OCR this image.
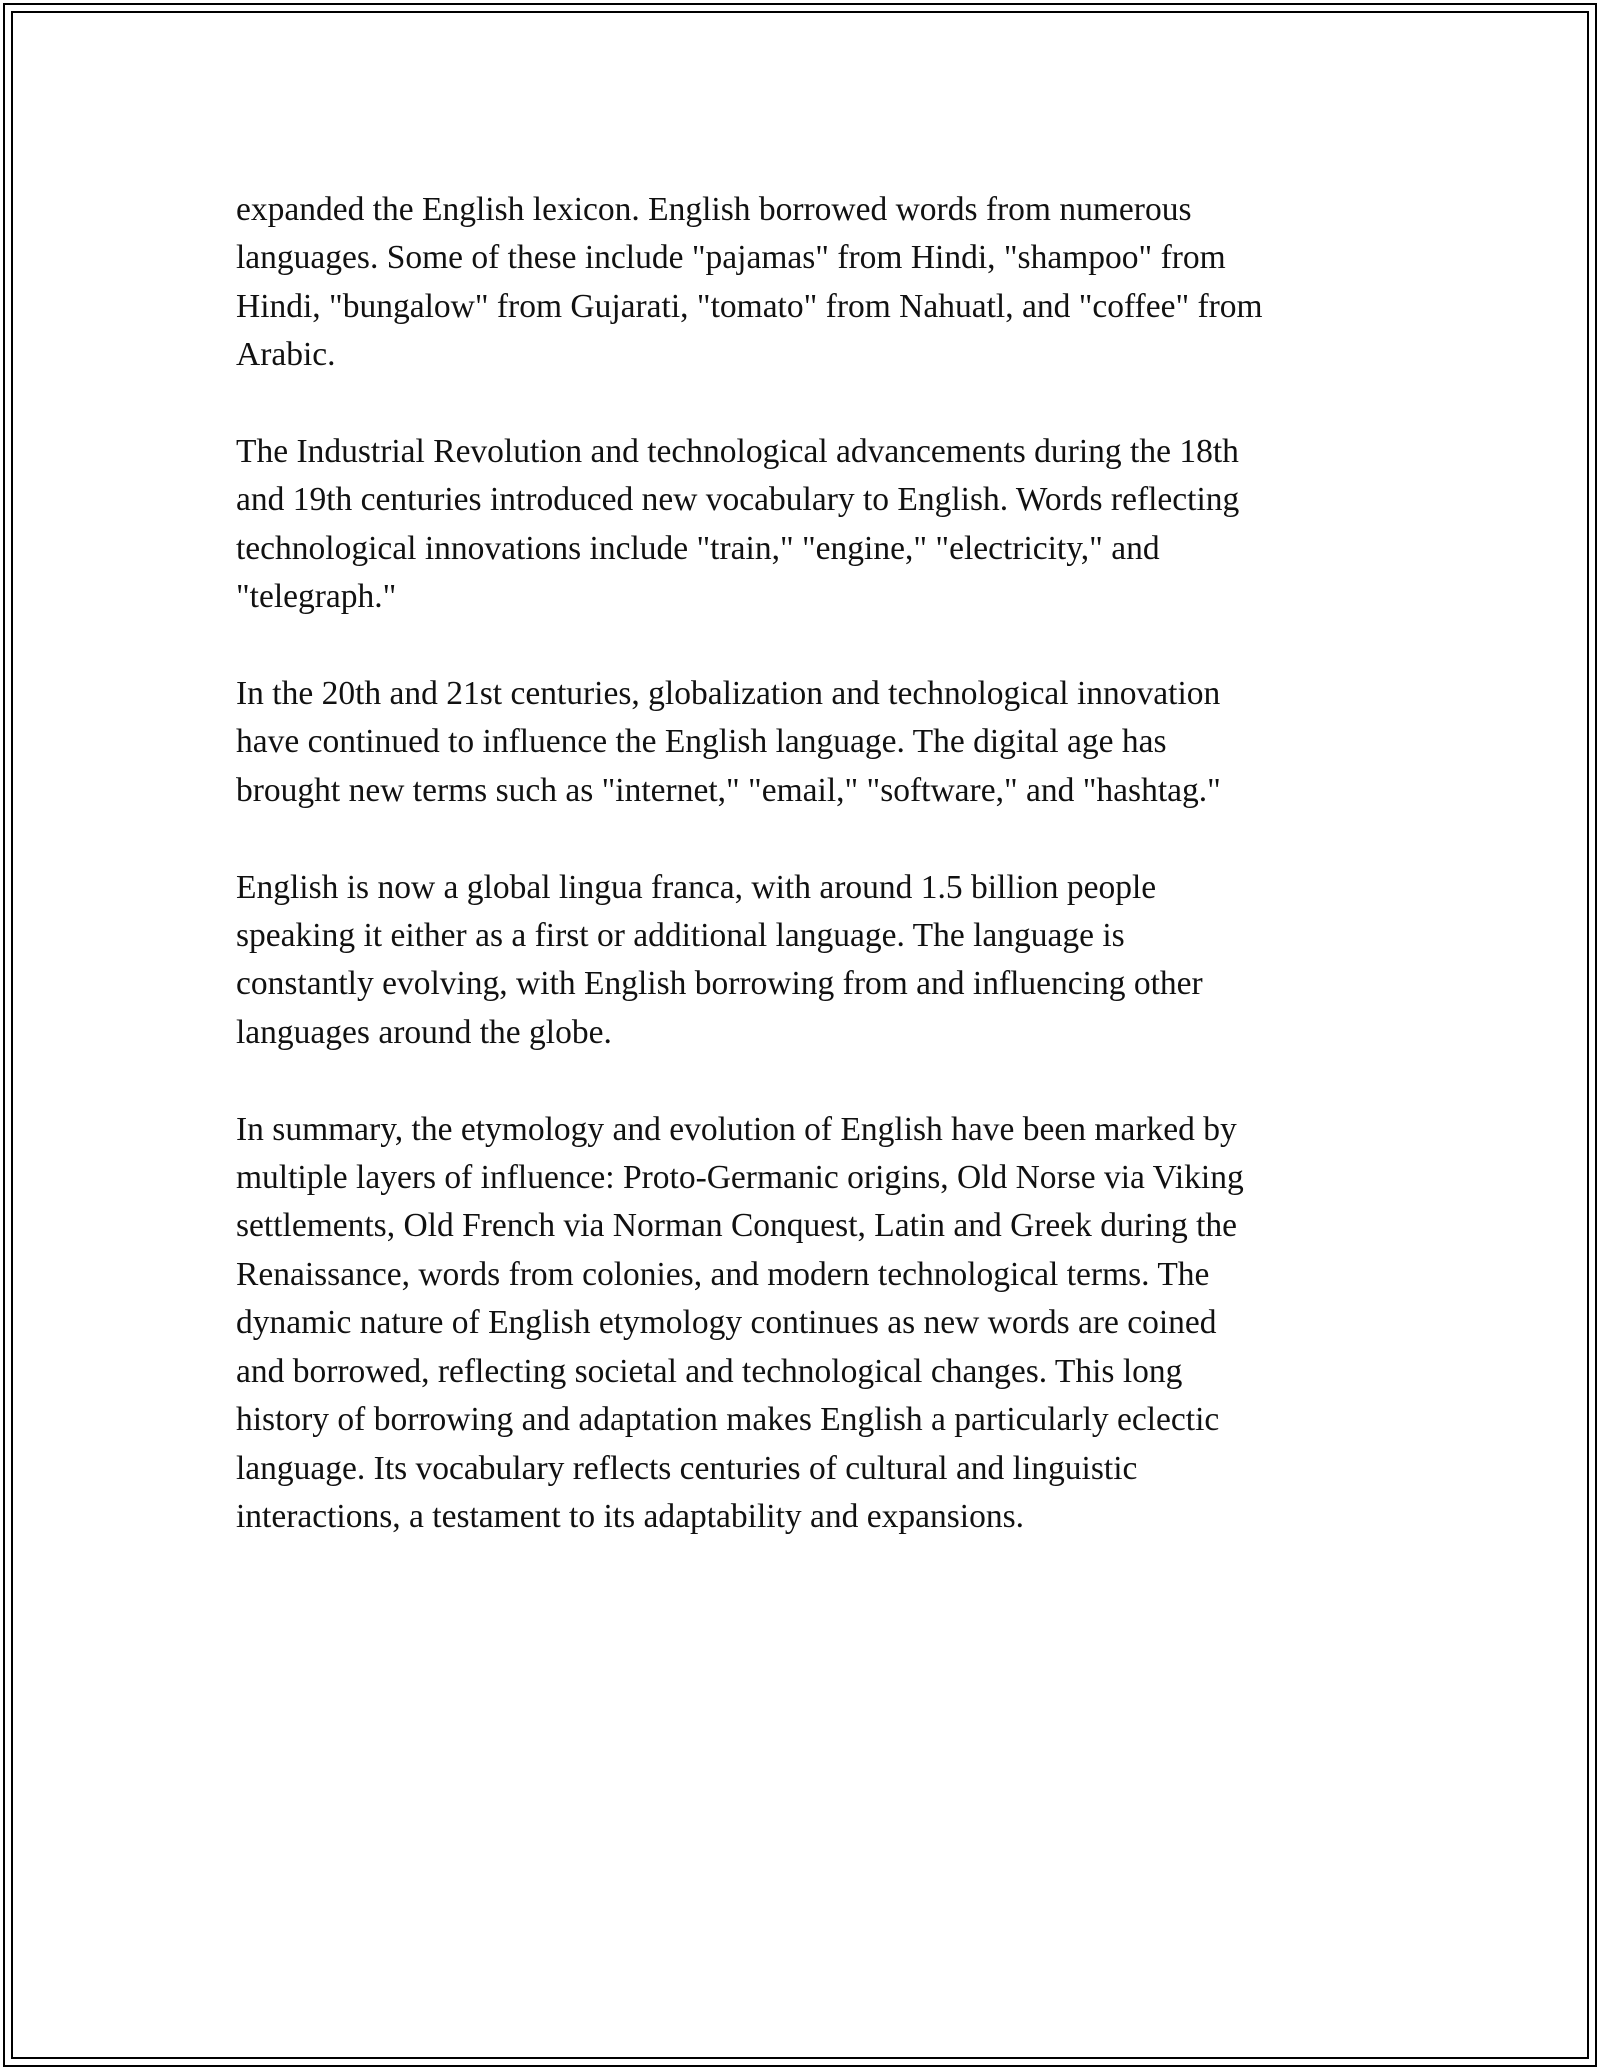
expanded the English lexicon. English borrowed words from numerous
languages. Some of these include "pajamas" from Hindi, "shampoo" from
Hindi, "bungalow" from Gujarati, "tomato" from Nahuatl, and "coffee" from
Arabic.

The Industrial Revolution and technological advancements during the 18th
and 19th centuries introduced new vocabulary to English. Words reflecting
technological innovations include "train," "engine," "electricity," and
"telegraph."

In the 20th and 21st centuries, globalization and technological innovation
have continued to influence the English language. The digital age has
brought new terms such as "internet," "email," "software," and "hashtag."

English is now a global lingua franca, with around 1.5 billion people
speaking it either as a first or additional language. The language is
constantly evolving, with English borrowing from and influencing other
languages around the globe.

In summary, the etymology and evolution of English have been marked by
multiple layers of influence: Proto-Germanic origins, Old Norse via Viking
settlements, Old French via Norman Conquest, Latin and Greek during the
Renaissance, words from colonies, and modern technological terms. The
dynamic nature of English etymology continues as new words are coined
and borrowed, reflecting societal and technological changes. This long
history of borrowing and adaptation makes English a particularly eclectic
language. Its vocabulary reflects centuries of cultural and linguistic
interactions, a testament to its adaptability and expansions.
